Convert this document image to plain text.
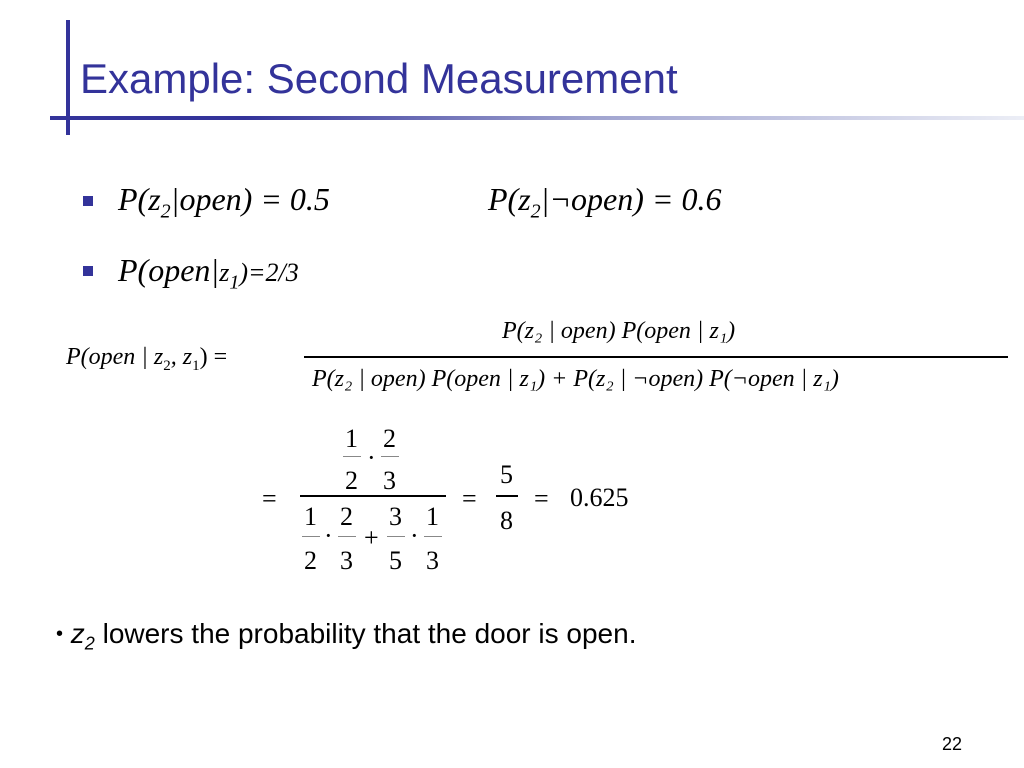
Example: Second Measurement
$P(z_2|open) = 0.5$	$P(z_2|\neg open) = 0.6$
$P(open|z_1)=2/3$
P(open | $z_2$, $z_1$) =
P(z₂ | open) P(open | z₁)
P(z₂ | open) P(open | z₁) + P(z₂ | ¬open) P(¬open | z₁)
=
1
2
·
2
3
1
2
·
2
3
+
3
5
·
1
3
=
5
8
= 0.625
• $z_2$ lowers the probability that the door is open.
22
